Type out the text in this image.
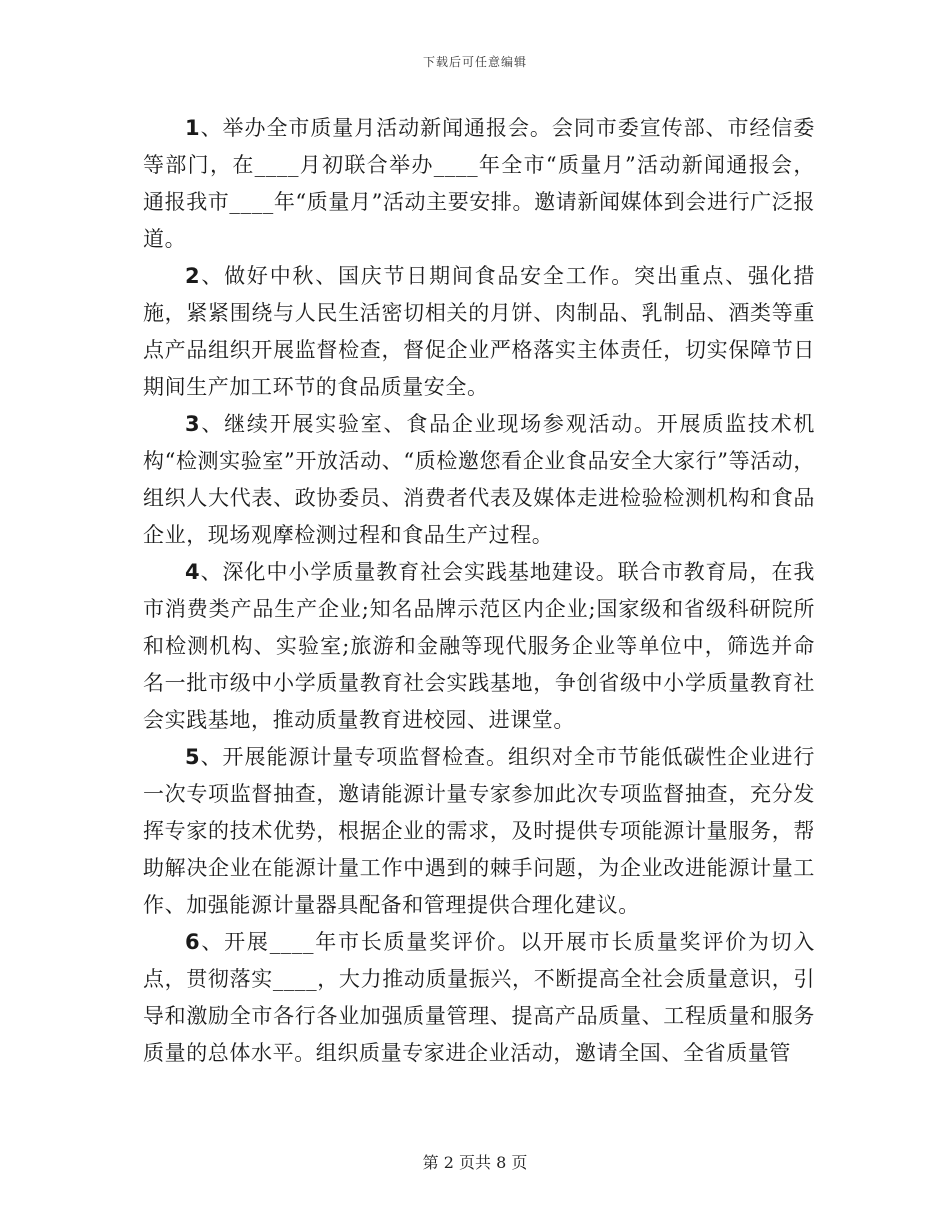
下载后可任意编辑

1、举办全市质量月活动新闻通报会。会同市委宣传部、市经信委等部门，在____月初联合举办____年全市“质量月”活动新闻通报会，通报我市____年“质量月”活动主要安排。邀请新闻媒体到会进行广泛报道。

2、做好中秋、国庆节日期间食品安全工作。突出重点、强化措施，紧紧围绕与人民生活密切相关的月饼、肉制品、乳制品、酒类等重点产品组织开展监督检查，督促企业严格落实主体责任，切实保障节日期间生产加工环节的食品质量安全。

3、继续开展实验室、食品企业现场参观活动。开展质监技术机构“检测实验室”开放活动、“质检邀您看企业食品安全大家行”等活动，组织人大代表、政协委员、消费者代表及媒体走进检验检测机构和食品企业，现场观摩检测过程和食品生产过程。

4、深化中小学质量教育社会实践基地建设。联合市教育局，在我市消费类产品生产企业;知名品牌示范区内企业;国家级和省级科研院所和检测机构、实验室;旅游和金融等现代服务企业等单位中，筛选并命名一批市级中小学质量教育社会实践基地，争创省级中小学质量教育社会实践基地，推动质量教育进校园、进课堂。

5、开展能源计量专项监督检查。组织对全市节能低碳性企业进行一次专项监督抽查，邀请能源计量专家参加此次专项监督抽查，充分发挥专家的技术优势，根据企业的需求，及时提供专项能源计量服务，帮助解决企业在能源计量工作中遇到的棘手问题，为企业改进能源计量工作、加强能源计量器具配备和管理提供合理化建议。

6、开展____年市长质量奖评价。以开展市长质量奖评价为切入点，贯彻落实____，大力推动质量振兴，不断提高全社会质量意识，引导和激励全市各行各业加强质量管理、提高产品质量、工程质量和服务质量的总体水平。组织质量专家进企业活动，邀请全国、全省质量管

第 2 页共 8 页
